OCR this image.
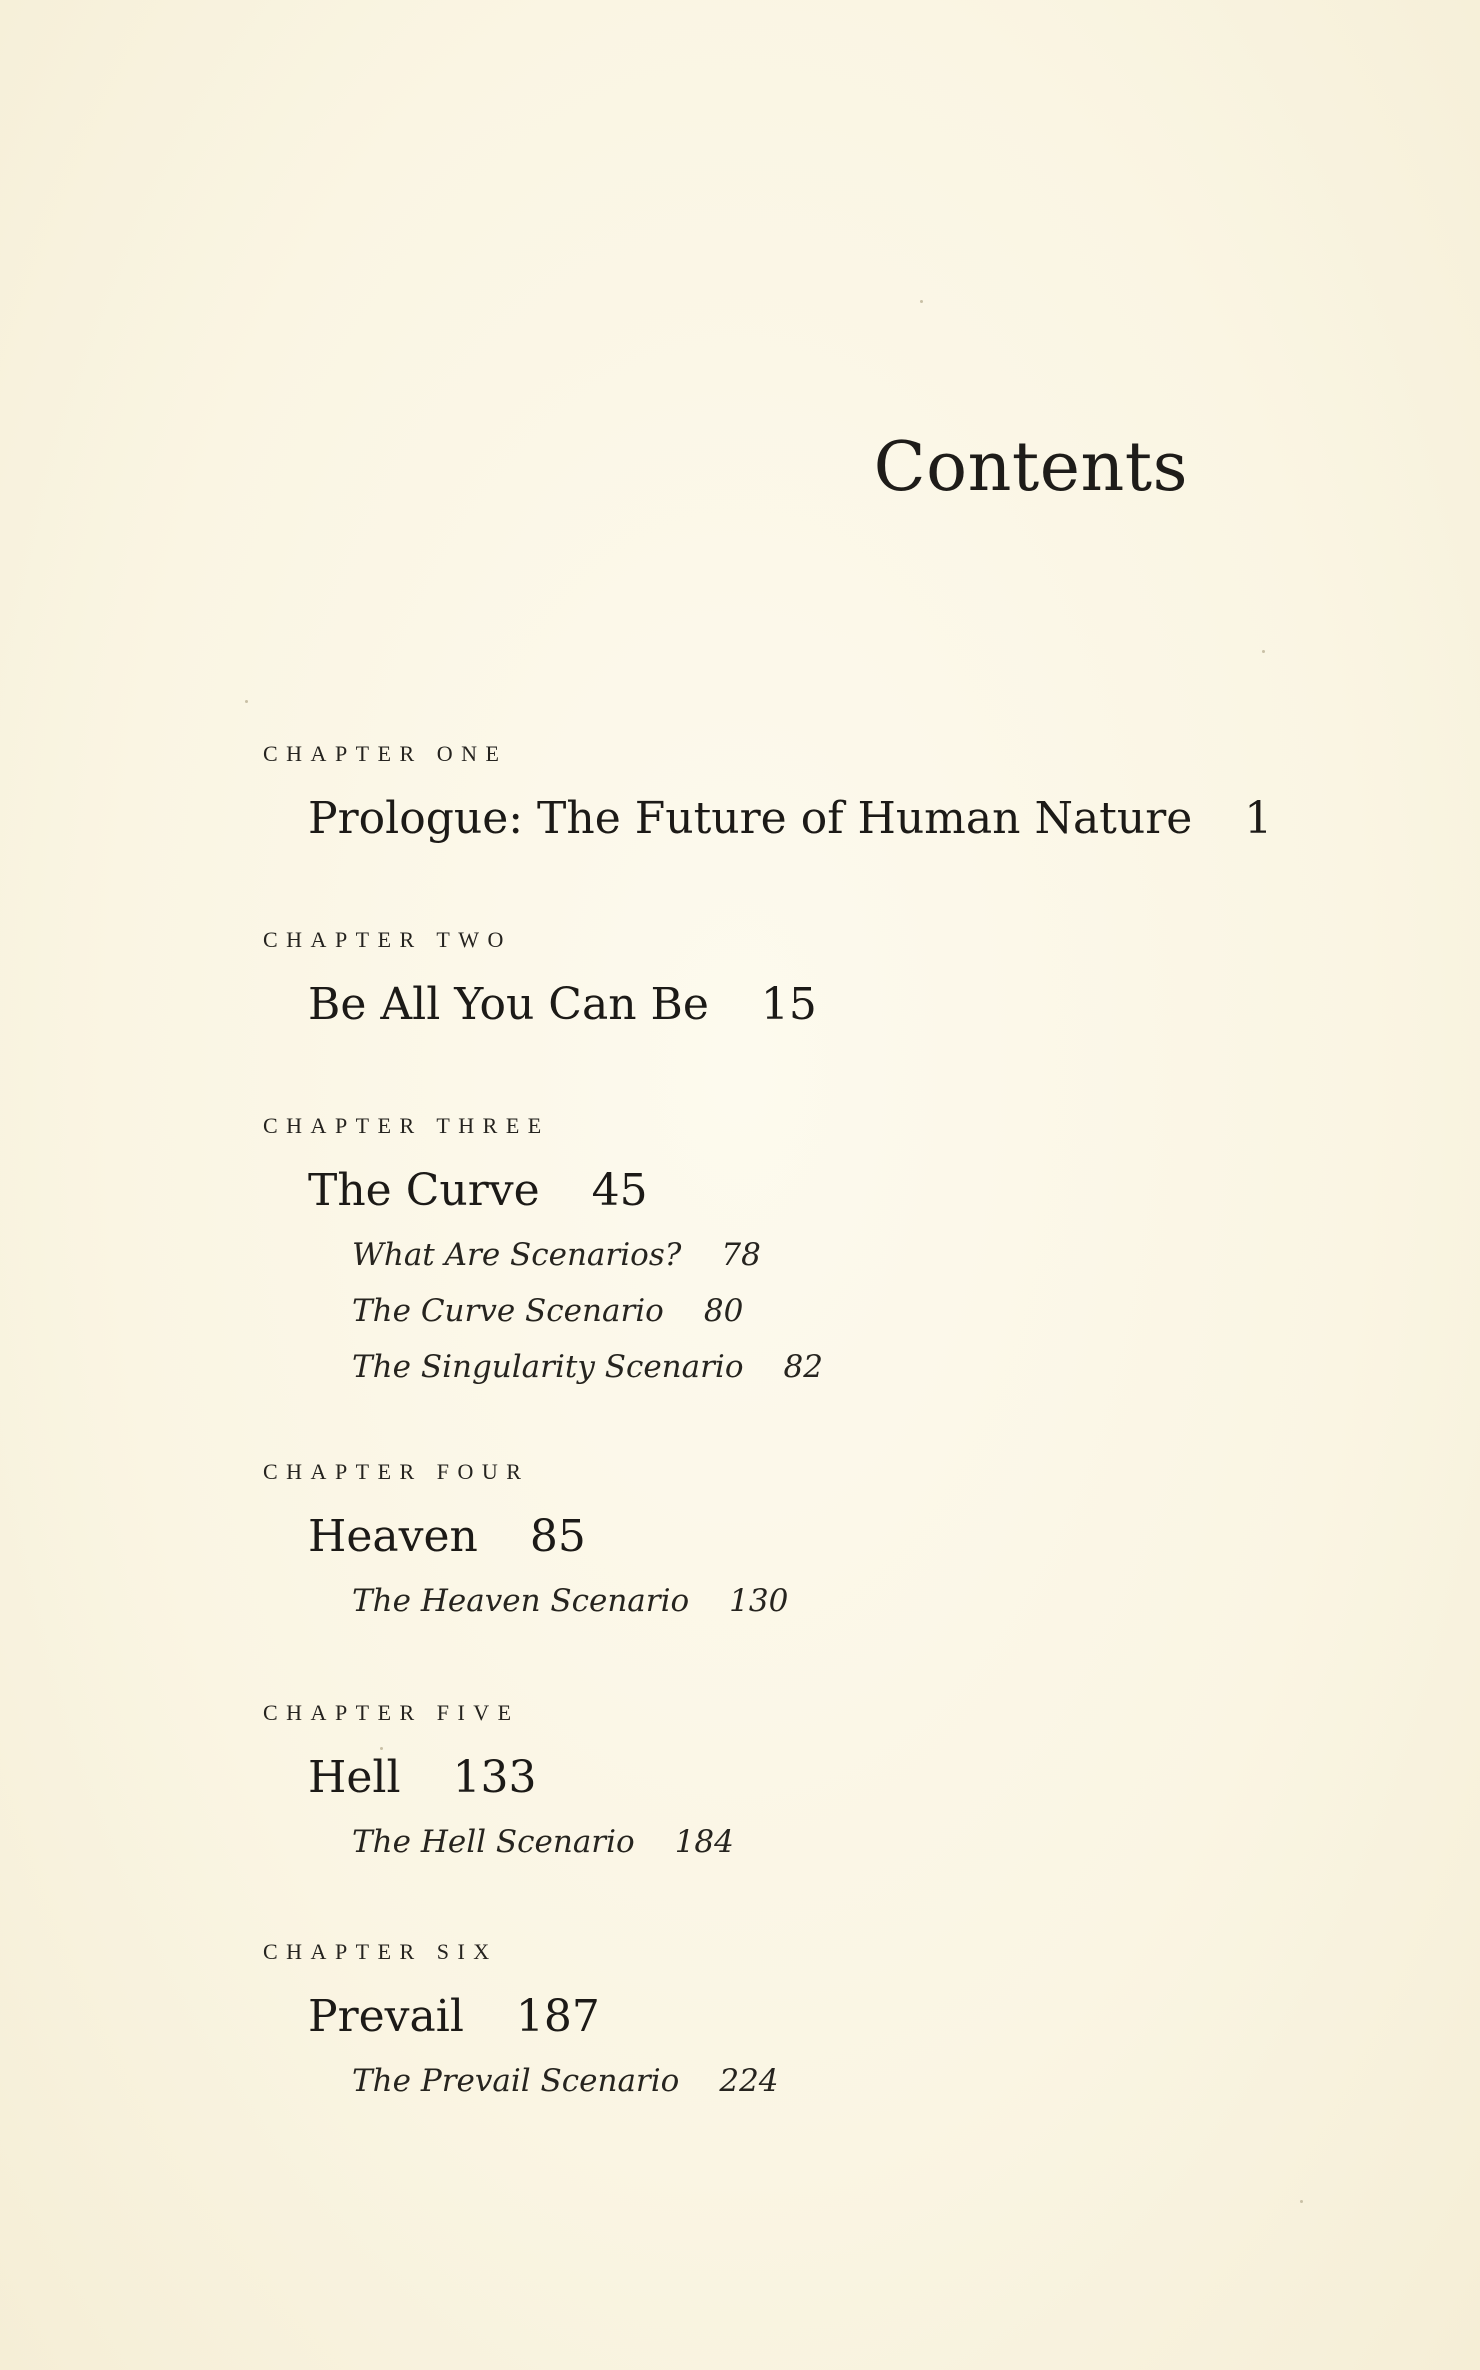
Contents
CHAPTER ONE
Prologue: The Future of Human Nature 1
CHAPTER TWO
Be All You Can Be 15
CHAPTER THREE
The Curve 45
What Are Scenarios? 78
The Curve Scenario 80
The Singularity Scenario 82
CHAPTER FOUR
Heaven 85
The Heaven Scenario 130
CHAPTER FIVE
Hell 133
The Hell Scenario 184
CHAPTER SIX
Prevail 187
The Prevail Scenario 224
